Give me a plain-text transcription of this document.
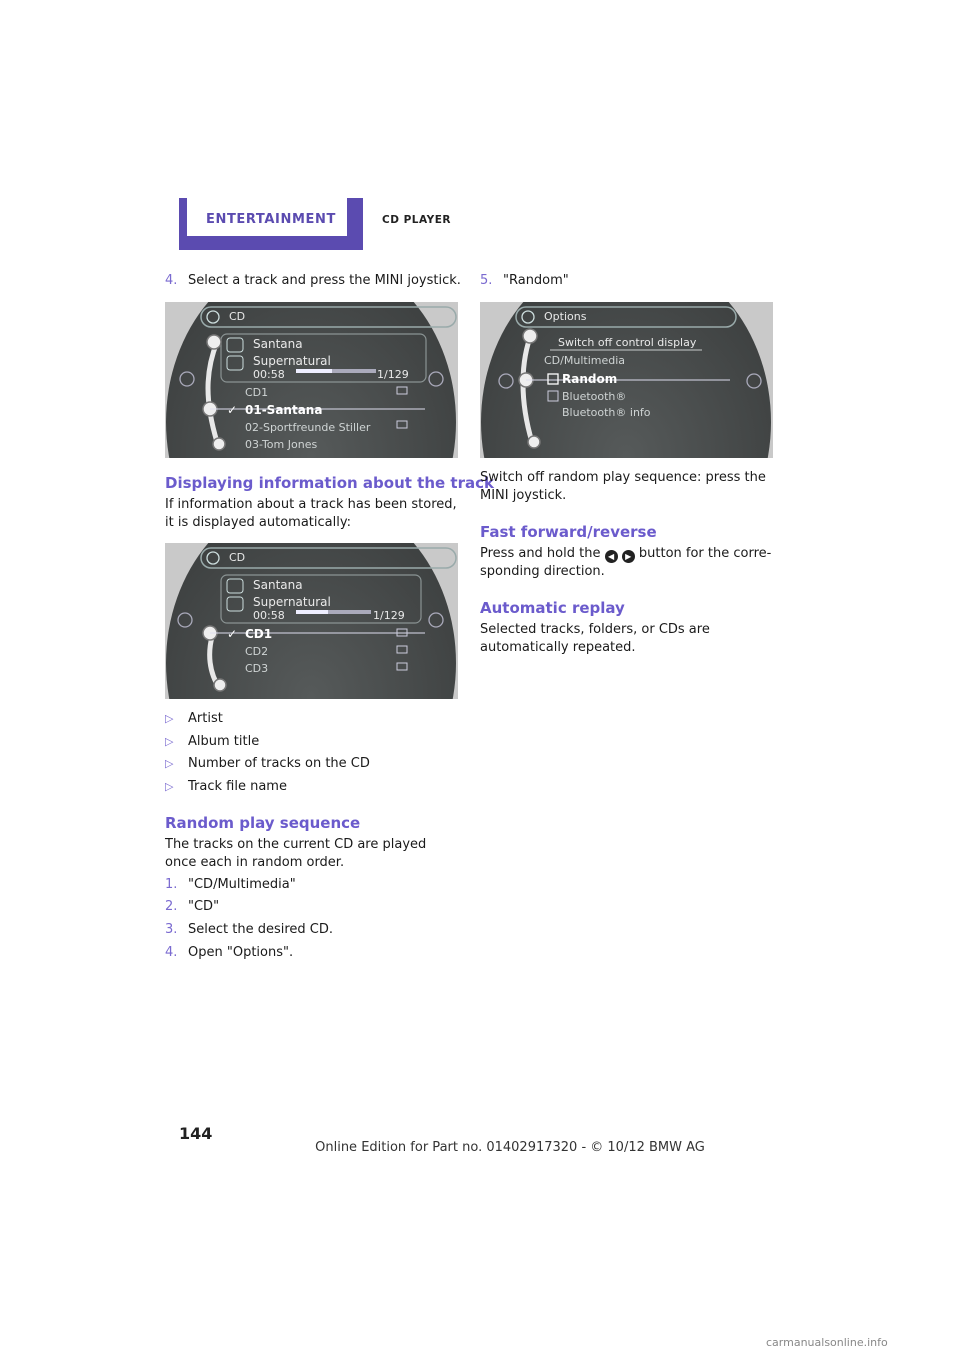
ENTERTAINMENT	CD PLAYER
4. Select a track and press the MINI joystick.
CD
Santana
Supernatural
00:58	1/129
CD1
✓ 01-Santana
02-Sportfreunde Stiller
03-Tom Jones
Displaying information about the track
If information about a track has been stored, it is displayed automatically:
CD
Santana
Supernatural
00:58	1/129
✓ CD1
CD2
CD3
▷ Artist
▷ Album title
▷ Number of tracks on the CD
▷ Track file name
Random play sequence
The tracks on the current CD are played once each in random order.
1. "CD/Multimedia"
2. "CD"
3. Select the desired CD.
4. Open "Options".
5. "Random"
Options
Switch off control display
CD/Multimedia
Random
Bluetooth®
Bluetooth® info
Switch off random play sequence: press the MINI joystick.
Fast forward/reverse
Press and hold the ◀ ▶ button for the corre-
sponding direction.
Automatic replay
Selected tracks, folders, or CDs are automatically repeated.
144
Online Edition for Part no. 01402917320 - © 10/12 BMW AG
carmanualsonline.info
